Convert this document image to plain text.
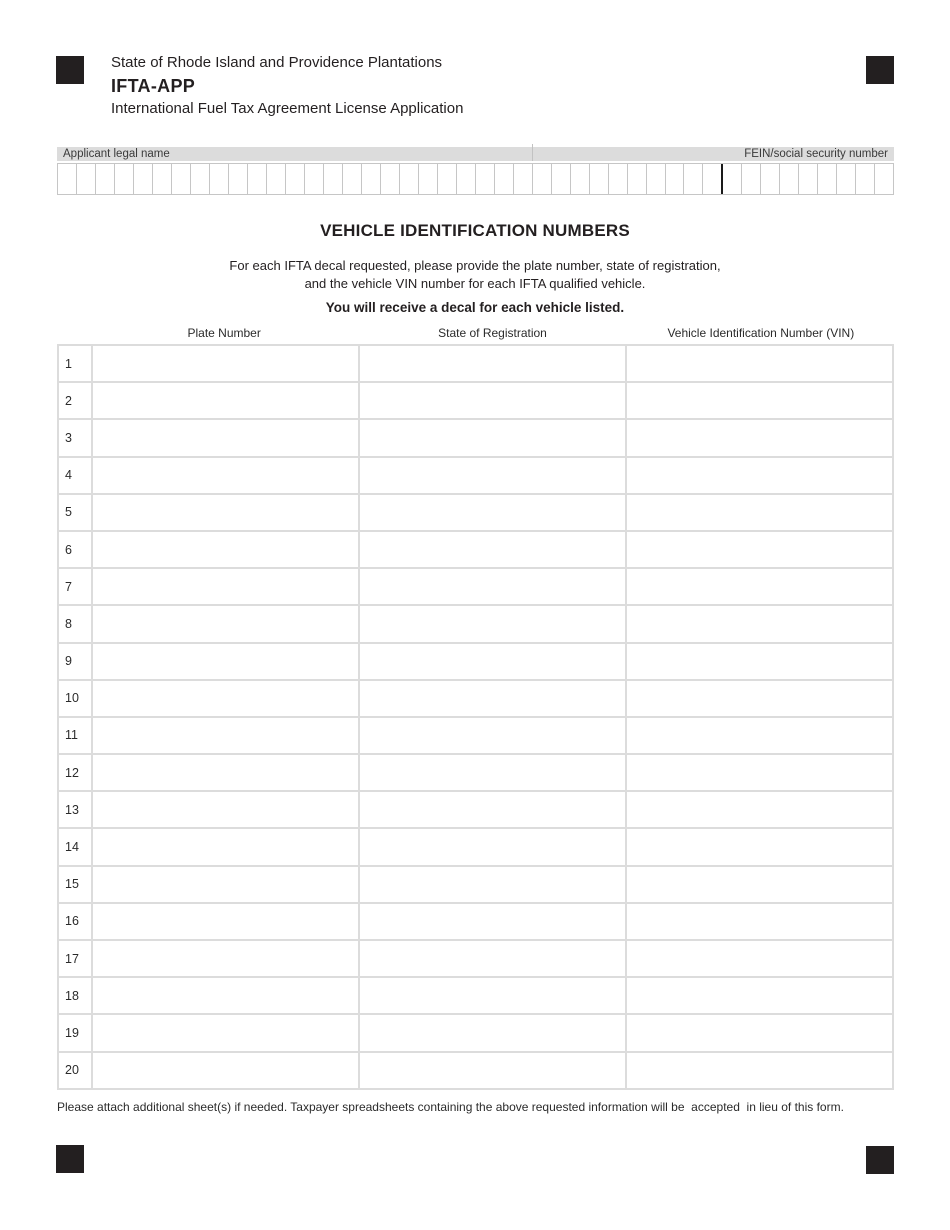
State of Rhode Island and Providence Plantations
IFTA-APP
International Fuel Tax Agreement License Application
Applicant legal name	FEIN/social security number
VEHICLE IDENTIFICATION NUMBERS
For each IFTA decal requested, please provide the plate number, state of registration,
and the vehicle VIN number for each IFTA qualified vehicle.
You will receive a decal for each vehicle listed.
Plate Number	State of Registration	Vehicle Identification Number (VIN)
1
2
3
4
5
6
7
8
9
10
11
12
13
14
15
16
17
18
19
20
Please attach additional sheet(s) if needed. Taxpayer spreadsheets containing the above requested information will be  accepted  in lieu of this form.
